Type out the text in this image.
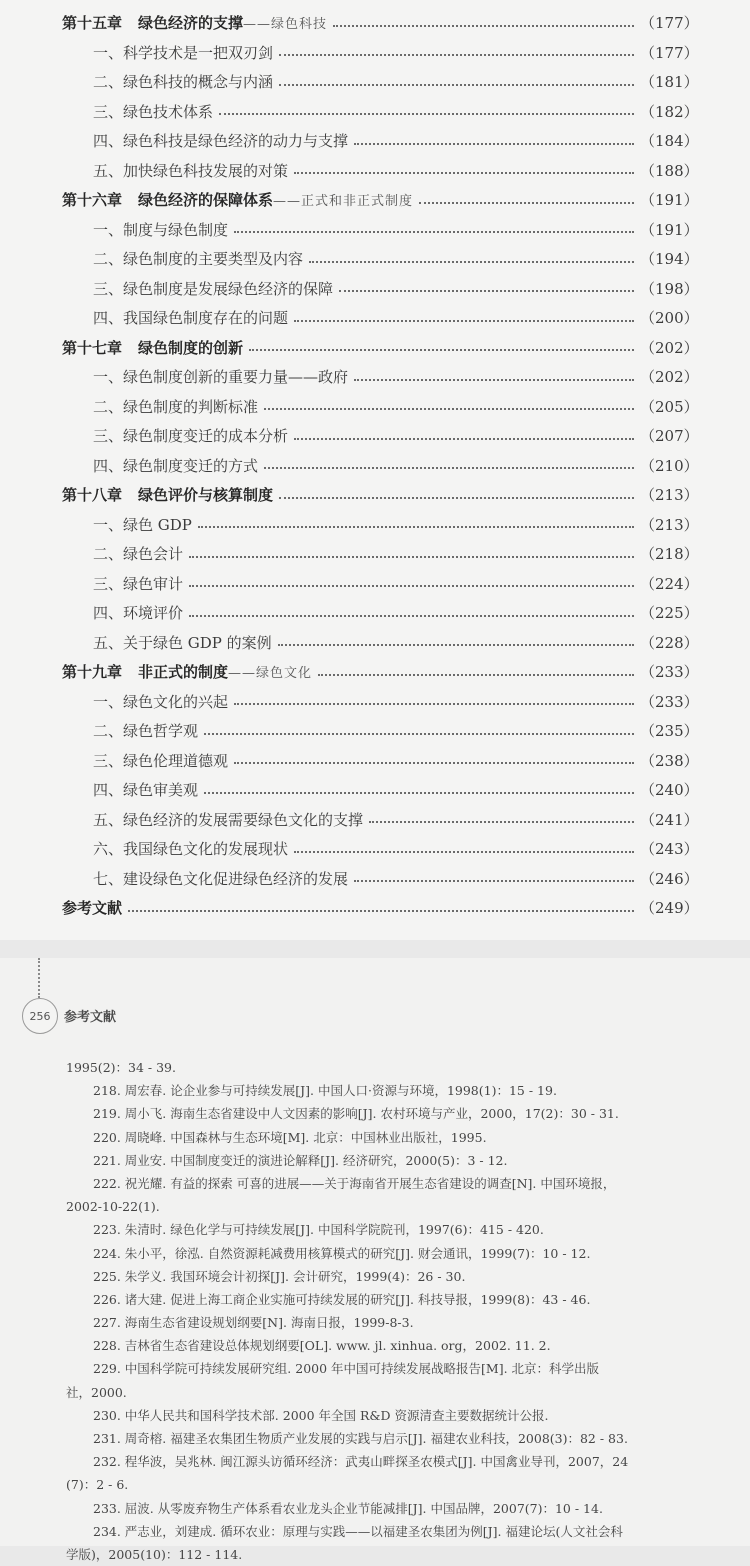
第十五章 绿色经济的支撑 ——绿色科技	（177）
一、科学技术是一把双刃剑	（177）
二、绿色科技的概念与内涵	（181）
三、绿色技术体系	（182）
四、绿色科技是绿色经济的动力与支撑	（184）
五、加快绿色科技发展的对策	（188）
第十六章 绿色经济的保障体系 ——正式和非正式制度	（191）
一、制度与绿色制度	（191）
二、绿色制度的主要类型及内容	（194）
三、绿色制度是发展绿色经济的保障	（198）
四、我国绿色制度存在的问题	（200）
第十七章 绿色制度的创新	（202）
一、绿色制度创新的重要力量——政府	（202）
二、绿色制度的判断标准	（205）
三、绿色制度变迁的成本分析	（207）
四、绿色制度变迁的方式	（210）
第十八章 绿色评价与核算制度	（213）
一、绿色 GDP	（213）
二、绿色会计	（218）
三、绿色审计	（224）
四、环境评价	（225）
五、关于绿色 GDP 的案例	（228）
第十九章 非正式的制度 ——绿色文化	（233）
一、绿色文化的兴起	（233）
二、绿色哲学观	（235）
三、绿色伦理道德观	（238）
四、绿色审美观	（240）
五、绿色经济的发展需要绿色文化的支撑	（241）
六、我国绿色文化的发展现状	（243）
七、建设绿色文化促进绿色经济的发展	（246）
参考文献	（249）
256 参考文献
1995(2)：34 - 39.
218. 周宏春. 论企业参与可持续发展[J]. 中国人口·资源与环境，1998(1)：15 - 19.
219. 周小飞. 海南生态省建设中人文因素的影响[J]. 农村环境与产业，2000，17(2)：30 - 31.
220. 周晓峰. 中国森林与生态环境[M]. 北京：中国林业出版社，1995.
221. 周业安. 中国制度变迁的演进论解释[J]. 经济研究，2000(5)：3 - 12.
222. 祝光耀. 有益的探索 可喜的进展——关于海南省开展生态省建设的调查[N]. 中国环境报，
2002-10-22(1).
223. 朱清时. 绿色化学与可持续发展[J]. 中国科学院院刊，1997(6)：415 - 420.
224. 朱小平，徐泓. 自然资源耗减费用核算模式的研究[J]. 财会通讯，1999(7)：10 - 12.
225. 朱学义. 我国环境会计初探[J]. 会计研究，1999(4)：26 - 30.
226. 诸大建. 促进上海工商企业实施可持续发展的研究[J]. 科技导报，1999(8)：43 - 46.
227. 海南生态省建设规划纲要[N]. 海南日报，1999-8-3.
228. 吉林省生态省建设总体规划纲要[OL]. www. jl. xinhua. org，2002. 11. 2.
229. 中国科学院可持续发展研究组. 2000 年中国可持续发展战略报告[M]. 北京：科学出版
社，2000.
230. 中华人民共和国科学技术部. 2000 年全国 R&D 资源清查主要数据统计公报.
231. 周奇榕. 福建圣农集团生物质产业发展的实践与启示[J]. 福建农业科技，2008(3)：82 - 83.
232. 程华波，吴兆林. 闽江源头访循环经济：武夷山畔探圣农模式[J]. 中国禽业导刊，2007，24
(7)：2 - 6.
233. 屈波. 从零废弃物生产体系看农业龙头企业节能减排[J]. 中国品牌，2007(7)：10 - 14.
234. 严志业，刘建成. 循环农业：原理与实践——以福建圣农集团为例[J]. 福建论坛(人文社会科
学版)，2005(10)：112 - 114.
